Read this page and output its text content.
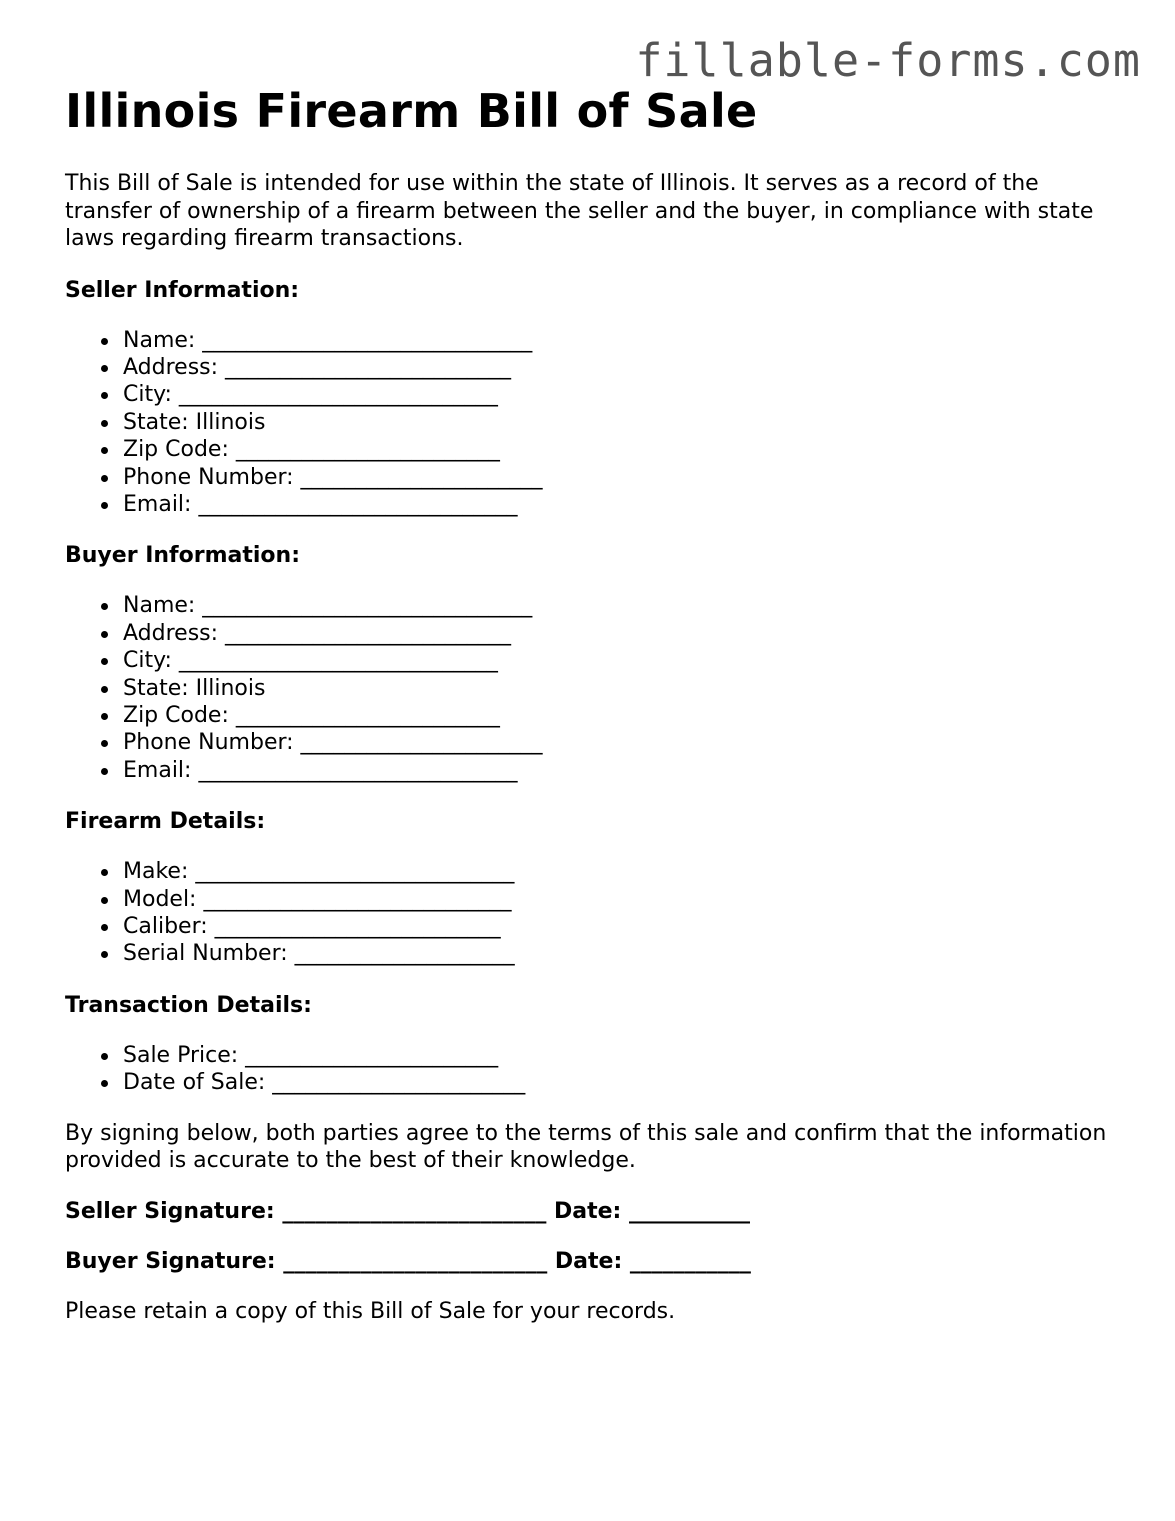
fillable-forms.com
Illinois Firearm Bill of Sale

This Bill of Sale is intended for use within the state of Illinois. It serves as a record of the transfer of ownership of a firearm between the seller and the buyer, in compliance with state laws regarding firearm transactions.

Seller Information:
Name: ______________________________
Address: __________________________
City: _____________________________
State: Illinois
Zip Code: ________________________
Phone Number: ______________________
Email: _____________________________
Buyer Information:
Name: ______________________________
Address: __________________________
City: _____________________________
State: Illinois
Zip Code: ________________________
Phone Number: ______________________
Email: _____________________________
Firearm Details:
Make: _____________________________
Model: ____________________________
Caliber: __________________________
Serial Number: ____________________
Transaction Details:
Sale Price: _______________________
Date of Sale: _______________________

By signing below, both parties agree to the terms of this sale and confirm that the information provided is accurate to the best of their knowledge.

Seller Signature: ________________________ Date: ___________

Buyer Signature: ________________________ Date: ___________

Please retain a copy of this Bill of Sale for your records.
